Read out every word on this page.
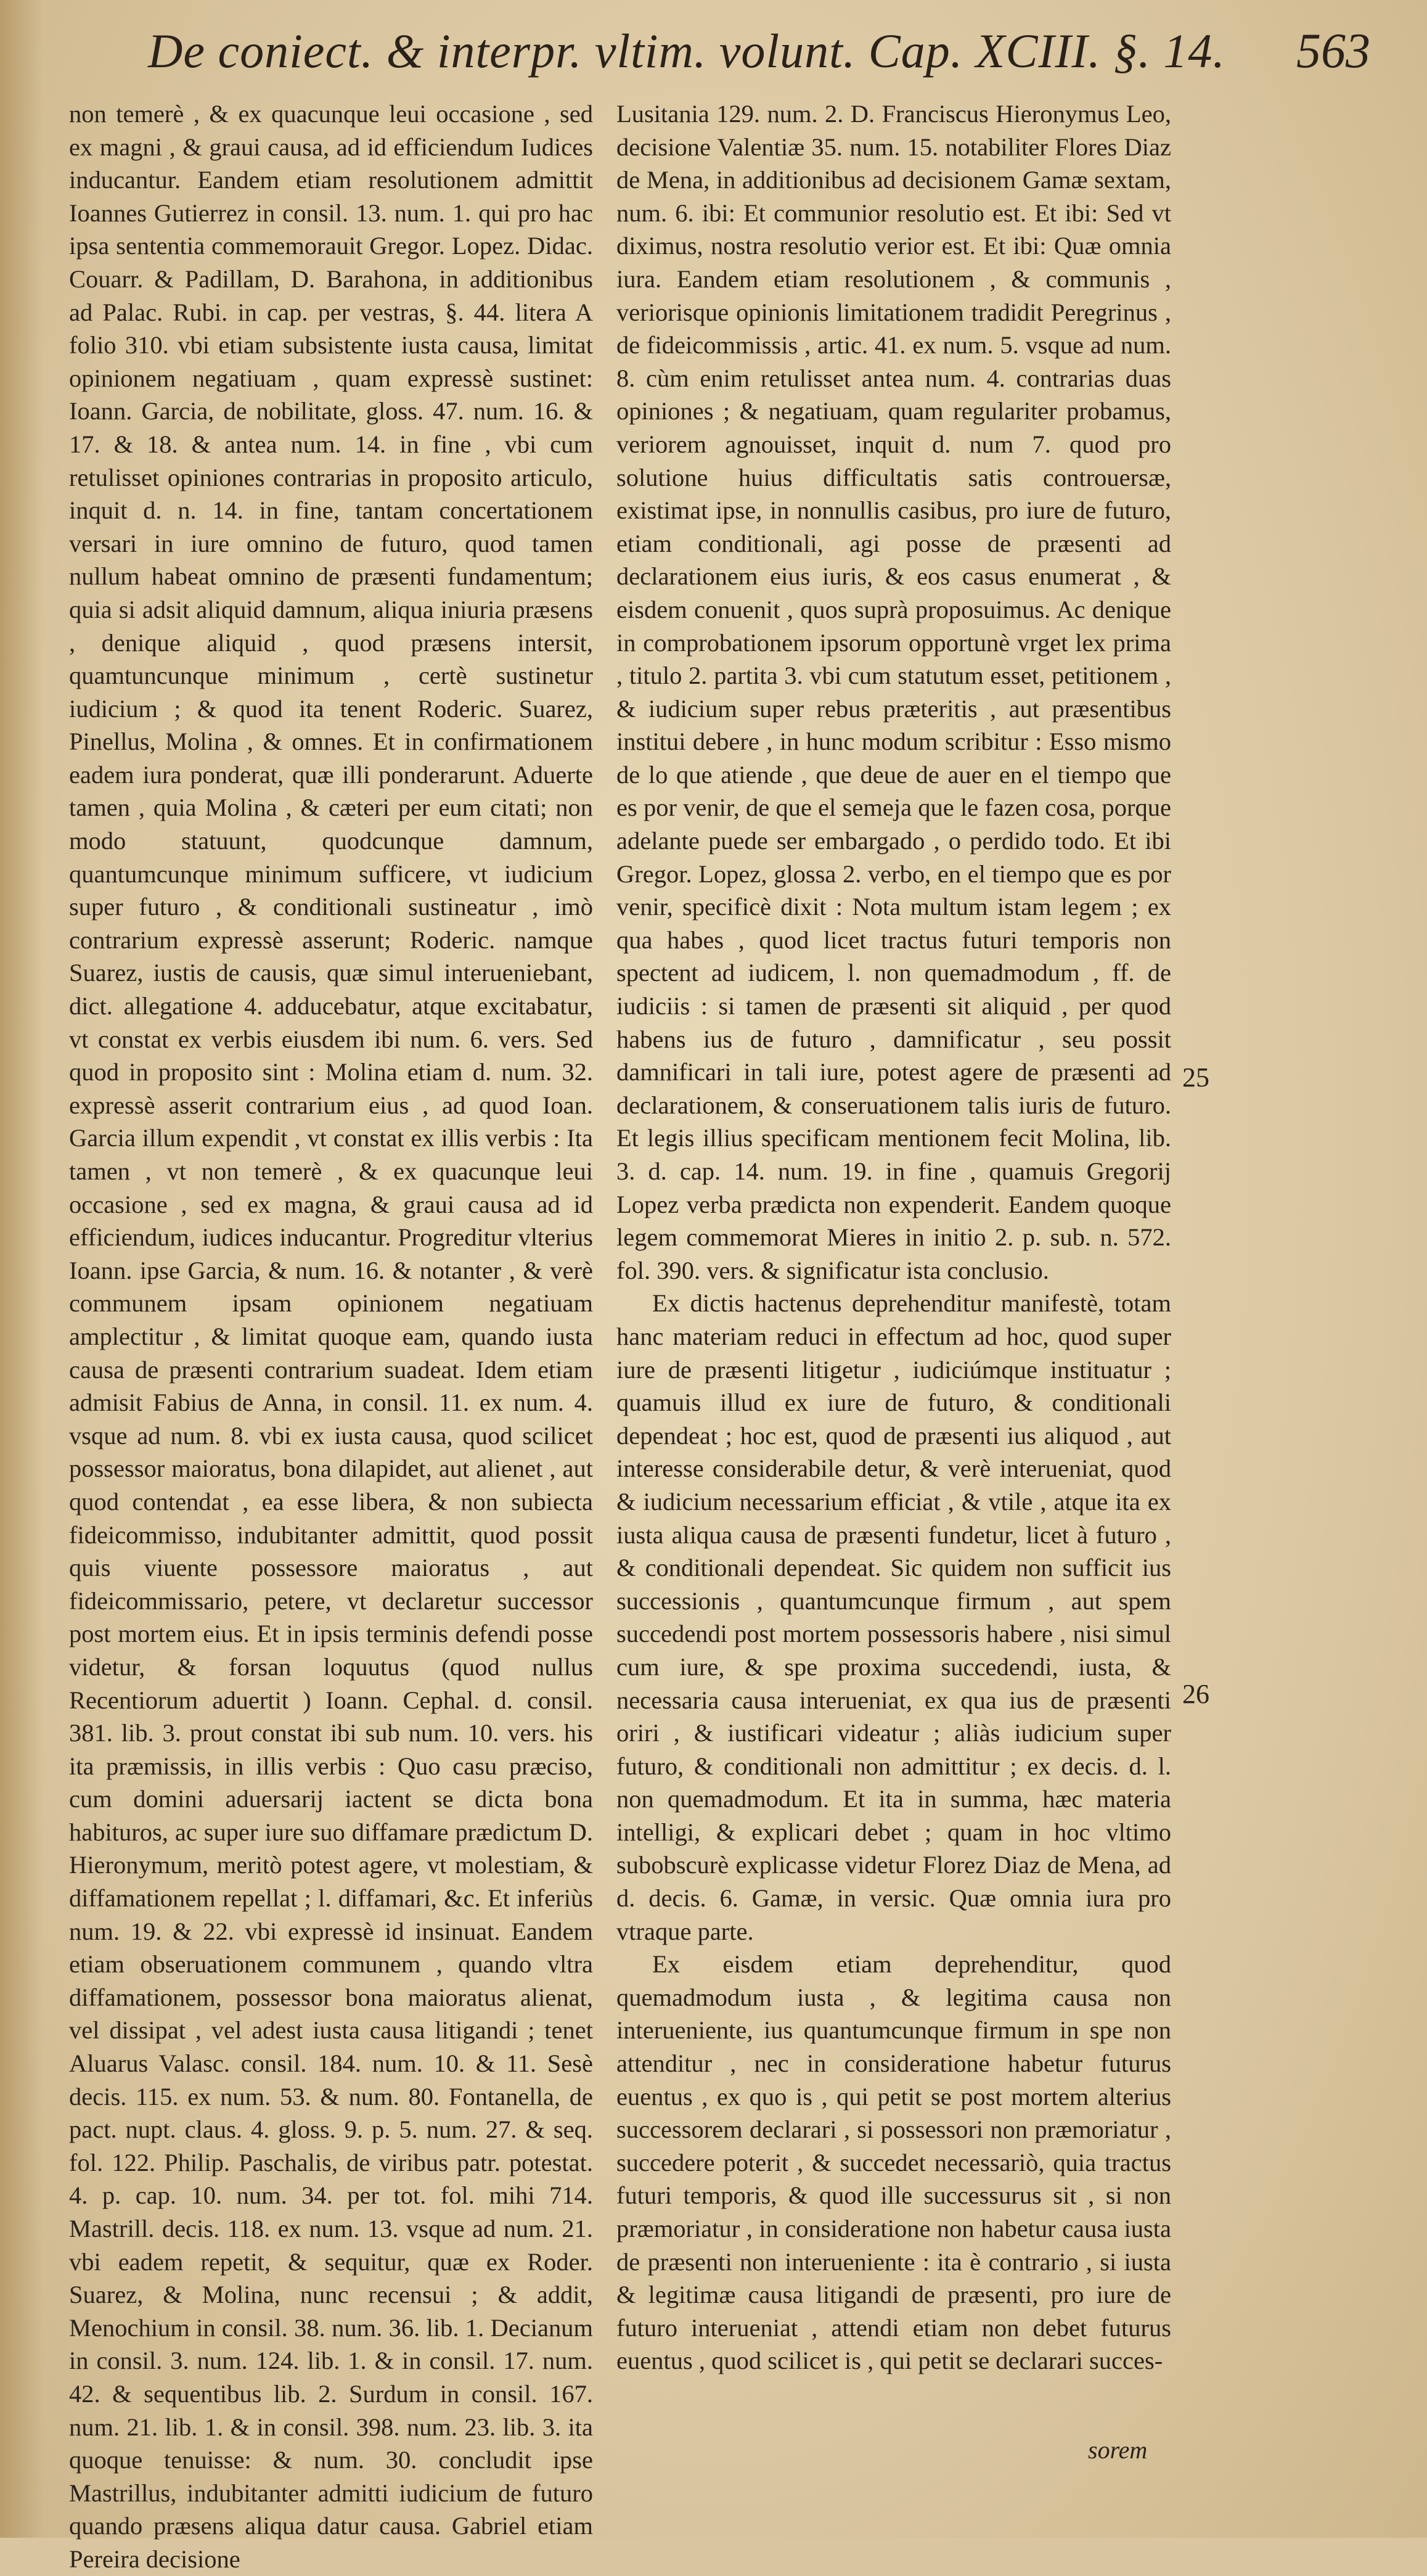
De coniect. & interpr. vltim. volunt. Cap. XCIII. §. 14.	563

non temerè , & ex quacunque leui occasione , sed ex magni , & graui causa, ad id efficiendum Iudices inducantur. Eandem etiam resolutionem admittit Ioannes Gutierrez in consil. 13. num. 1. qui pro hac ipsa sententia commemorauit Gregor. Lopez. Didac. Couarr. & Padillam, D. Barahona, in additionibus ad Palac. Rubi. in cap. per vestras, §. 44. litera A folio 310. vbi etiam subsistente iusta causa, limitat opinionem negatiuam , quam expressè sustinet: Ioann. Garcia, de nobilitate, gloss. 47. num. 16. & 17. & 18. & antea num. 14. in fine , vbi cum retulisset opiniones contrarias in proposito articulo, inquit d. n. 14. in fine, tantam concertationem versari in iure omnino de futuro, quod tamen nullum habeat omnino de præsenti fundamentum; quia si adsit aliquid damnum, aliqua iniuria præsens , denique aliquid , quod præsens intersit, quamtuncunque minimum , certè sustinetur iudicium ; & quod ita tenent Roderic. Suarez, Pinellus, Molina , & omnes. Et in confirmationem eadem iura ponderat, quæ illi ponderarunt. Aduerte tamen , quia Molina , & cæteri per eum citati; non modo statuunt, quodcunque damnum, quantumcunque minimum sufficere, vt iudicium super futuro , & conditionali sustineatur , imò contrarium expressè asserunt; Roderic. namque Suarez, iustis de causis, quæ simul interueniebant, dict. allegatione 4. adducebatur, atque excitabatur, vt constat ex verbis eiusdem ibi num. 6. vers. Sed quod in proposito sint : Molina etiam d. num. 32. expressè asserit contrarium eius , ad quod Ioan. Garcia illum expendit , vt constat ex illis verbis : Ita tamen , vt non temerè , & ex quacunque leui occasione , sed ex magna, & graui causa ad id efficiendum, iudices inducantur. Progreditur vlterius Ioann. ipse Garcia, & num. 16. & notanter , & verè communem ipsam opinionem negatiuam amplectitur , & limitat quoque eam, quando iusta causa de præsenti contrarium suadeat. Idem etiam admisit Fabius de Anna, in consil. 11. ex num. 4. vsque ad num. 8. vbi ex iusta causa, quod scilicet possessor maioratus, bona dilapidet, aut alienet , aut quod contendat , ea esse libera, & non subiecta fideicommisso, indubitanter admittit, quod possit quis viuente possessore maioratus , aut fideicommissario, petere, vt declaretur successor post mortem eius. Et in ipsis terminis defendi posse videtur, & forsan loquutus (quod nullus Recentiorum aduertit ) Ioann. Cephal. d. consil. 381. lib. 3. prout constat ibi sub num. 10. vers. his ita præmissis, in illis verbis : Quo casu præciso, cum domini aduersarij iactent se dicta bona habituros, ac super iure suo diffamare prædictum D. Hieronymum, meritò potest agere, vt molestiam, & diffamationem repellat ; l. diffamari, &c. Et inferiùs num. 19. & 22. vbi expressè id insinuat. Eandem etiam obseruationem communem , quando vltra diffamationem, possessor bona maioratus alienat, vel dissipat , vel adest iusta causa litigandi ; tenet Aluarus Valasc. consil. 184. num. 10. & 11. Sesè decis. 115. ex num. 53. & num. 80. Fontanella, de pact. nupt. claus. 4. gloss. 9. p. 5. num. 27. & seq. fol. 122. Philip. Paschalis, de viribus patr. potestat. 4. p. cap. 10. num. 34. per tot. fol. mihi 714. Mastrill. decis. 118. ex num. 13. vsque ad num. 21. vbi eadem repetit, & sequitur, quæ ex Roder. Suarez, & Molina, nunc recensui ; & addit, Menochium in consil. 38. num. 36. lib. 1. Decianum in consil. 3. num. 124. lib. 1. & in consil. 17. num. 42. & sequentibus lib. 2. Surdum in consil. 167. num. 21. lib. 1. & in consil. 398. num. 23. lib. 3. ita quoque tenuisse: & num. 30. concludit ipse Mastrillus, indubitanter admitti iudicium de futuro quando præsens aliqua datur causa. Gabriel etiam Pereira decisione

Lusitania 129. num. 2. D. Franciscus Hieronymus Leo, decisione Valentiæ 35. num. 15. notabiliter Flores Diaz de Mena, in additionibus ad decisionem Gamæ sextam, num. 6. ibi: Et communior resolutio est. Et ibi: Sed vt diximus, nostra resolutio verior est. Et ibi: Quæ omnia iura. Eandem etiam resolutionem , & communis , veriorisque opinionis limitationem tradidit Peregrinus , de fideicommissis , artic. 41. ex num. 5. vsque ad num. 8. cùm enim retulisset antea num. 4. contrarias duas opiniones ; & negatiuam, quam regulariter probamus, veriorem agnouisset, inquit d. num 7. quod pro solutione huius difficultatis satis controuersæ, existimat ipse, in nonnullis casibus, pro iure de futuro, etiam conditionali, agi posse de præsenti ad declarationem eius iuris, & eos casus enumerat , & eisdem conuenit , quos suprà proposuimus. Ac denique in comprobationem ipsorum opportunè vrget lex prima , titulo 2. partita 3. vbi cum statutum esset, petitionem , & iudicium super rebus præteritis , aut præsentibus institui debere , in hunc modum scribitur : Esso mismo de lo que atiende , que deue de auer en el tiempo que es por venir, de que el semeja que le fazen cosa, porque adelante puede ser embargado , o perdido todo. Et ibi Gregor. Lopez, glossa 2. verbo, en el tiempo que es por venir, specificè dixit : Nota multum istam legem ; ex qua habes , quod licet tractus futuri temporis non spectent ad iudicem, l. non quemadmodum , ff. de iudiciis : si tamen de præsenti sit aliquid , per quod habens ius de futuro , damnificatur , seu possit damnificari in tali iure, potest agere de præsenti ad declarationem, & conseruationem talis iuris de futuro. Et legis illius specificam mentionem fecit Molina, lib. 3. d. cap. 14. num. 19. in fine , quamuis Gregorij Lopez verba prædicta non expenderit. Eandem quoque legem commemorat Mieres in initio 2. p. sub. n. 572. fol. 390. vers. & significatur ista conclusio.

Ex dictis hactenus deprehenditur manifestè, totam hanc materiam reduci in effectum ad hoc, quod super iure de præsenti litigetur , iudiciúmque instituatur ; quamuis illud ex iure de futuro, & conditionali dependeat ; hoc est, quod de præsenti ius aliquod , aut interesse considerabile detur, & verè interueniat, quod & iudicium necessarium efficiat , & vtile , atque ita ex iusta aliqua causa de præsenti fundetur, licet à futuro , & conditionali dependeat. Sic quidem non sufficit ius successionis , quantumcunque firmum , aut spem succedendi post mortem possessoris habere , nisi simul cum iure, & spe proxima succedendi, iusta, & necessaria causa interueniat, ex qua ius de præsenti oriri , & iustificari videatur ; aliàs iudicium super futuro, & conditionali non admittitur ; ex decis. d. l. non quemadmodum. Et ita in summa, hæc materia intelligi, & explicari debet ; quam in hoc vltimo subobscurè explicasse videtur Florez Diaz de Mena, ad d. decis. 6. Gamæ, in versic. Quæ omnia iura pro vtraque parte.

Ex eisdem etiam deprehenditur, quod quemadmodum iusta , & legitima causa non interueniente, ius quantumcunque firmum in spe non attenditur , nec in consideratione habetur futurus euentus , ex quo is , qui petit se post mortem alterius successorem declarari , si possessori non præmoriatur , succedere poterit , & succedet necessariò, quia tractus futuri temporis, & quod ille successurus sit , si non præmoriatur , in consideratione non habetur causa iusta de præsenti non interueniente : ita è contrario , si iusta & legitimæ causa litigandi de præsenti, pro iure de futuro interueniat , attendi etiam non debet futurus euentus , quod scilicet is , qui petit se declarari succes-

25
26
sorem
